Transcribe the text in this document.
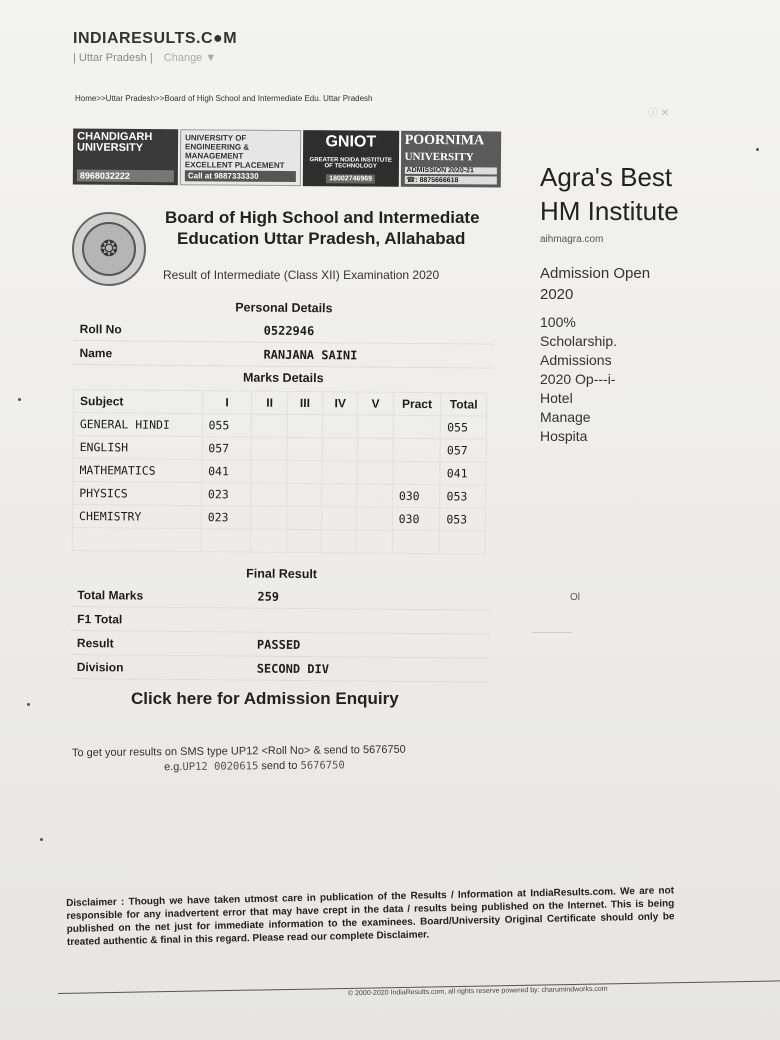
INDIARESULTS.C●M
| Uttar Pradesh | Change ▼
Home>>Uttar Pradesh>>Board of High School and Intermediate Edu. Uttar Pradesh
ⓘ ✕
CHANDIGARH
UNIVERSITY
8968032222
UNIVERSITY OF
ENGINEERING &
MANAGEMENT
EXCELLENT PLACEMENT
Call at 9887333330
GNIOT
GREATER NOIDA INSTITUTE OF TECHNOLOGY
18002746969
POORNIMA
UNIVERSITY
ADMISSION 2020-21
☎: 8875666618	Agra's Best HM Institute
aihmagra.com
Admission Open 2020
100%
Scholarship.
Admissions
2020 Op---i-
Hotel
Manage
Hospita
Ol
❂
Board of High School and Intermediate
Education Uttar Pradesh, Allahabad
Result of Intermediate (Class XII) Examination 2020
Personal Details
Roll No	0522946
Name	RANJANA SAINI
Marks Details
Subject	I	II	III	IV	V	Pract	Total
GENERAL HINDI	055						055
ENGLISH	057						057
MATHEMATICS	041						041
PHYSICS	023					030	053
CHEMISTRY	023					030	053

Final Result
Total Marks	259
F1 Total
Result	PASSED
Division	SECOND DIV
Click here for Admission Enquiry
To get your results on SMS type UP12 <Roll No> & send to 5676750
e.g.UP12 0020615 send to 5676750
Disclaimer : Though we have taken utmost care in publication of the Results / Information at IndiaResults.com. We are not responsible for any inadvertent error that may have crept in the data / results being published on the Internet. This is being published on the net just for immediate information to the examinees. Board/University Original Certificate should only be treated authentic & final in this regard. Please read our complete Disclaimer.
© 2000-2020 IndiaResults.com, all rights reserve powered by: charumindworks.com
